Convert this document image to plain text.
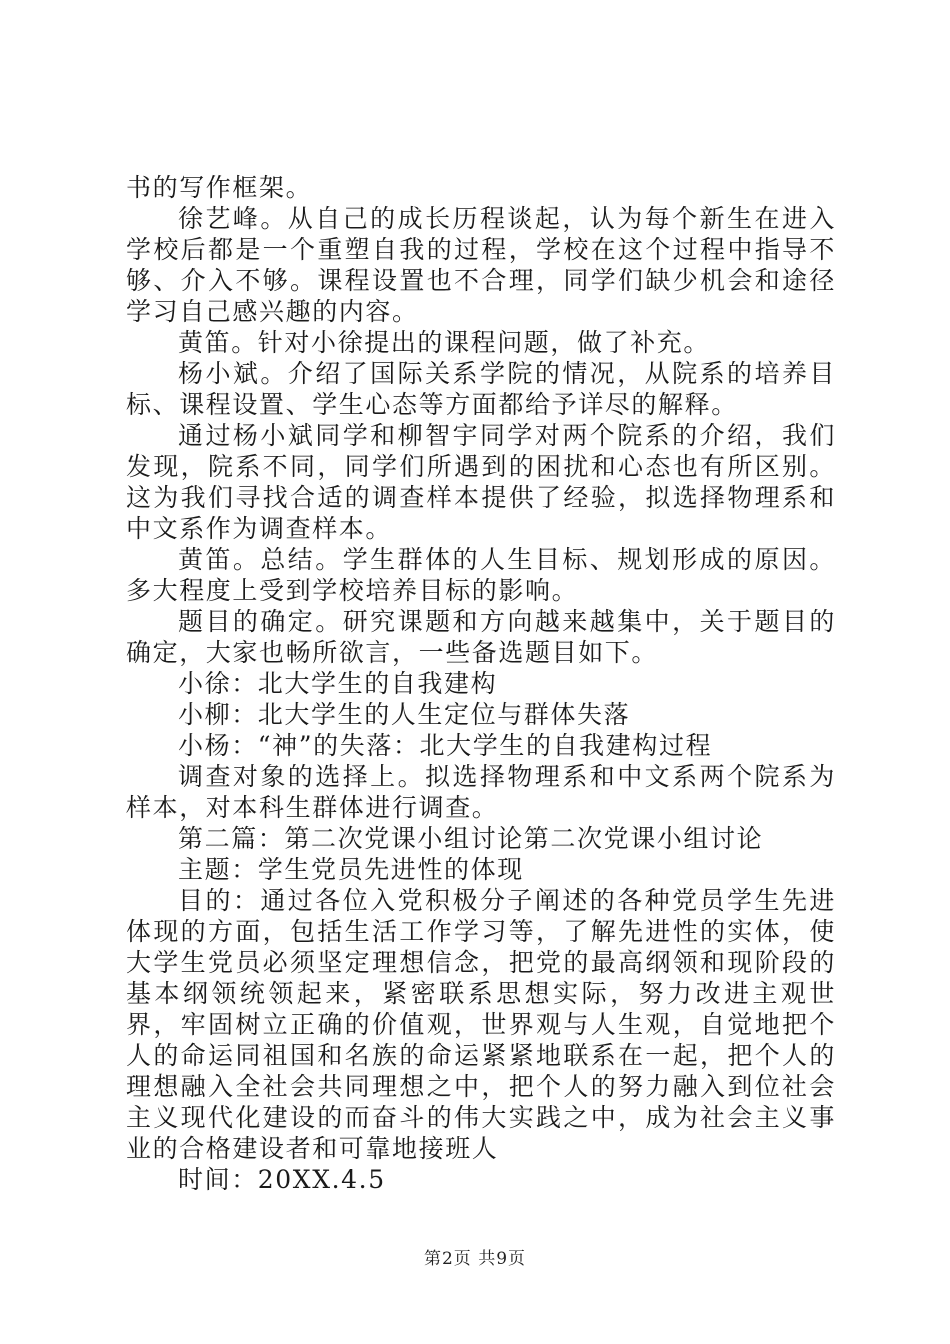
书的写作框架。

徐艺峰。从自己的成长历程谈起，认为每个新生在进入学校后都是一个重塑自我的过程，学校在这个过程中指导不够、介入不够。课程设置也不合理，同学们缺少机会和途径学习自己感兴趣的内容。

黄笛。针对小徐提出的课程问题，做了补充。

杨小斌。介绍了国际关系学院的情况，从院系的培养目标、课程设置、学生心态等方面都给予详尽的解释。

通过杨小斌同学和柳智宇同学对两个院系的介绍，我们发现，院系不同，同学们所遇到的困扰和心态也有所区别。这为我们寻找合适的调查样本提供了经验，拟选择物理系和中文系作为调查样本。

黄笛。总结。学生群体的人生目标、规划形成的原因。多大程度上受到学校培养目标的影响。

题目的确定。研究课题和方向越来越集中，关于题目的确定，大家也畅所欲言，一些备选题目如下。

小徐：北大学生的自我建构

小柳：北大学生的人生定位与群体失落

小杨：“神”的失落：北大学生的自我建构过程

调查对象的选择上。拟选择物理系和中文系两个院系为样本，对本科生群体进行调查。

第二篇：第二次党课小组讨论第二次党课小组讨论

主题：学生党员先进性的体现

目的：通过各位入党积极分子阐述的各种党员学生先进体现的方面，包括生活工作学习等，了解先进性的实体，使大学生党员必须坚定理想信念，把党的最高纲领和现阶段的基本纲领统领起来，紧密联系思想实际，努力改进主观世界，牢固树立正确的价值观，世界观与人生观，自觉地把个人的命运同祖国和名族的命运紧紧地联系在一起，把个人的理想融入全社会共同理想之中，把个人的努力融入到位社会主义现代化建设的而奋斗的伟大实践之中，成为社会主义事业的合格建设者和可靠地接班人

时间：20XX.4.5

第2页 共9页
